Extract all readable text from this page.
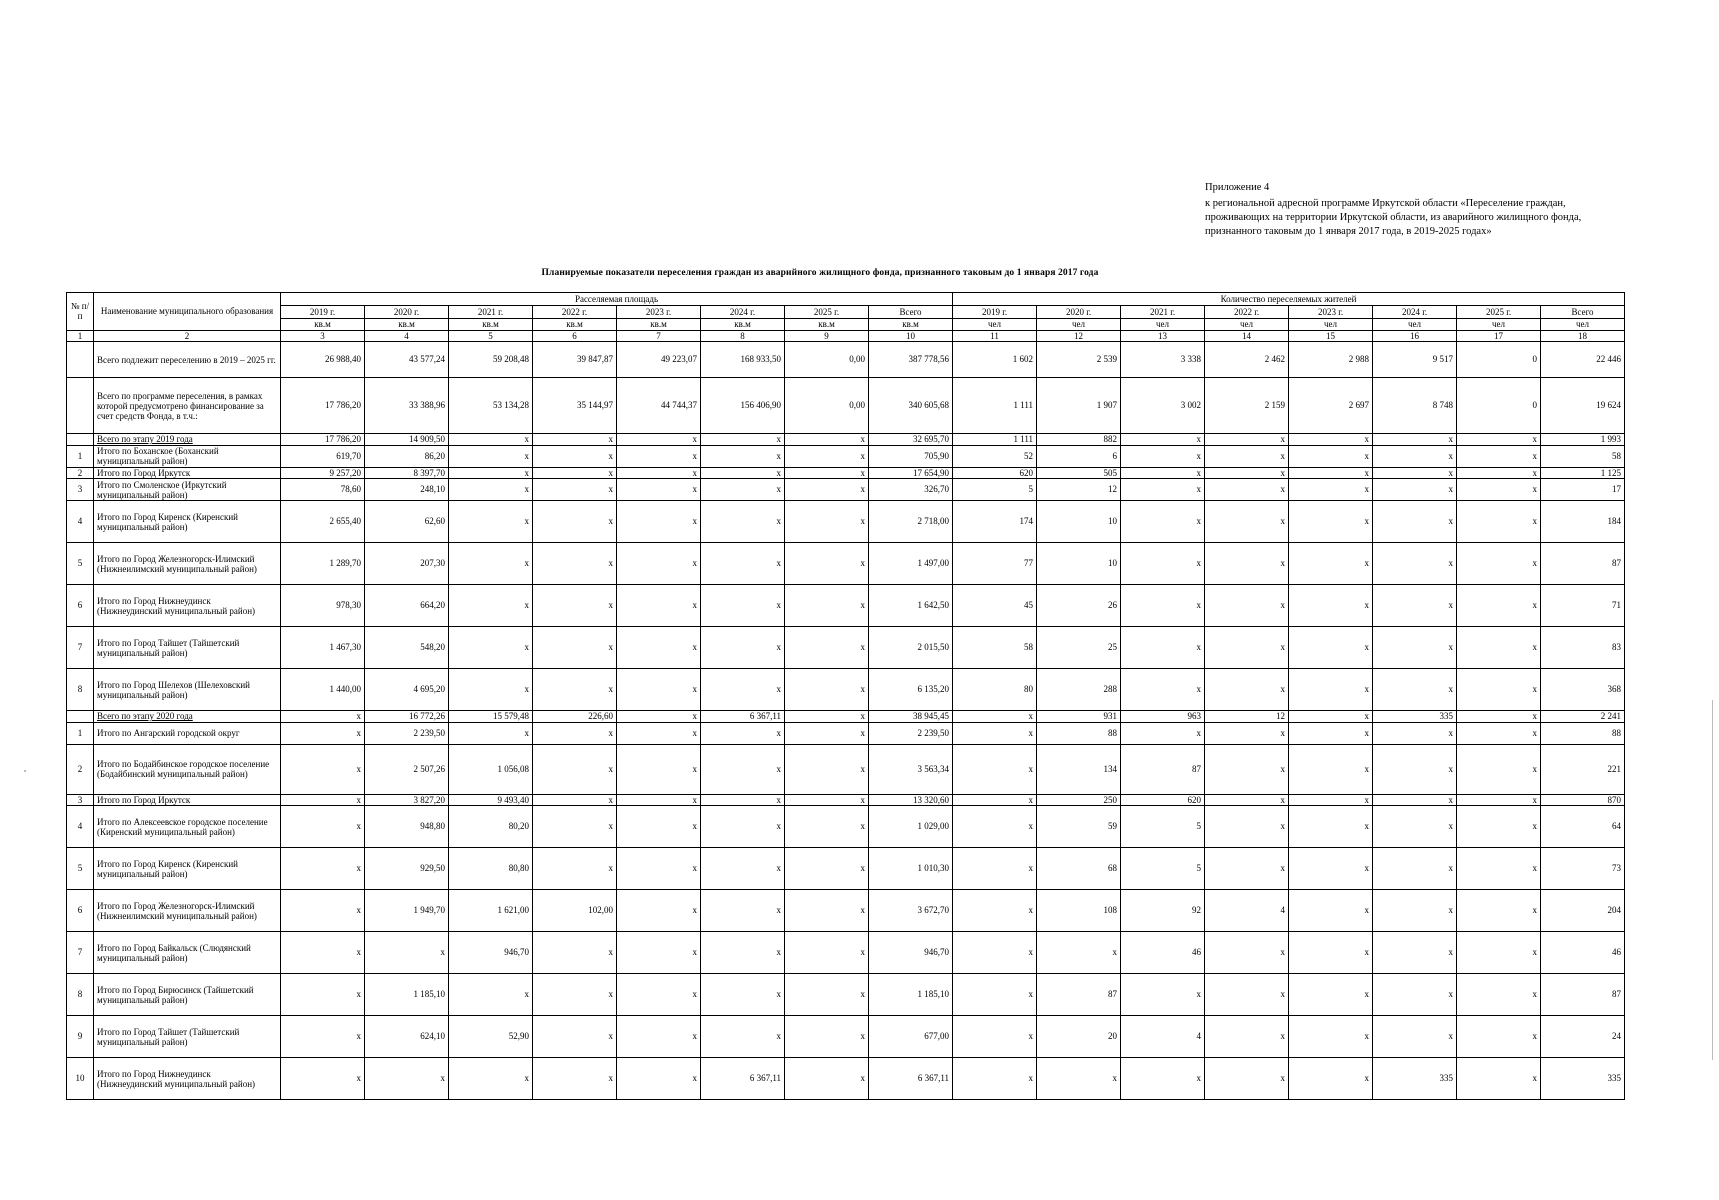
Приложение 4
к региональной адресной программе Иркутской области «Переселение граждан, проживающих на территории Иркутской области, из аварийного жилищного фонда, признанного таковым до 1 января 2017 года, в 2019-2025 годах»
Планируемые показатели переселения граждан из аварийного жилищного фонда, признанного таковым до 1 января 2017 года
№ п/п	Наименование муниципального образования	Расселяемая площадь								Количество переселяемых жителей							
		2019 г.	2020 г.	2021 г.	2022 г.	2023 г.	2024 г.	2025 г.	Всего	2019 г.	2020 г.	2021 г.	2022 г.	2023 г.	2024 г.	2025 г.	Всего
		кв.м	кв.м	кв.м	кв.м	кв.м	кв.м	кв.м	кв.м	чел	чел	чел	чел	чел	чел	чел	чел
1	2	3	4	5	6	7	8	9	10	11	12	13	14	15	16	17	18
	Всего подлежит переселению в 2019 – 2025 гг.	26 988,40	43 577,24	59 208,48	39 847,87	49 223,07	168 933,50	0,00	387 778,56	1 602	2 539	3 338	2 462	2 988	9 517	0	22 446
	Всего по программе переселения, в рамках которой предусмотрено финансирование за счет средств Фонда, в т.ч.:	17 786,20	33 388,96	53 134,28	35 144,97	44 744,37	156 406,90	0,00	340 605,68	1 111	1 907	3 002	2 159	2 697	8 748	0	19 624
	Всего по этапу 2019 года	17 786,20	14 909,50	x	x	x	x	x	32 695,70	1 111	882	x	x	x	x	x	1 993
1	Итого по Боханское (Боханский муниципальный район)	619,70	86,20	x	x	x	x	x	705,90	52	6	x	x	x	x	x	58
2	Итого по Город Иркутск	9 257,20	8 397,70	x	x	x	x	x	17 654,90	620	505	x	x	x	x	x	1 125
3	Итого по Смоленское (Иркутский муниципальный район)	78,60	248,10	x	x	x	x	x	326,70	5	12	x	x	x	x	x	17
4	Итого по Город Киренск (Киренский муниципальный район)	2 655,40	62,60	x	x	x	x	x	2 718,00	174	10	x	x	x	x	x	184
5	Итого по Город Железногорск-Илимский (Нижнеилимский муниципальный район)	1 289,70	207,30	x	x	x	x	x	1 497,00	77	10	x	x	x	x	x	87
6	Итого по Город Нижнеудинск (Нижнеудинский муниципальный район)	978,30	664,20	x	x	x	x	x	1 642,50	45	26	x	x	x	x	x	71
7	Итого по Город Тайшет (Тайшетский муниципальный район)	1 467,30	548,20	x	x	x	x	x	2 015,50	58	25	x	x	x	x	x	83
8	Итого по Город Шелехов (Шелеховский муниципальный район)	1 440,00	4 695,20	x	x	x	x	x	6 135,20	80	288	x	x	x	x	x	368
	Всего по этапу 2020 года	x	16 772,26	15 579,48	226,60	x	6 367,11	x	38 945,45	x	931	963	12	x	335	x	2 241
1	Итого по Ангарский городской округ	x	2 239,50	x	x	x	x	x	2 239,50	x	88	x	x	x	x	x	88
2	Итого по Бодайбинское городское поселение (Бодайбинский муниципальный район)	x	2 507,26	1 056,08	x	x	x	x	3 563,34	x	134	87	x	x	x	x	221
3	Итого по Город Иркутск	x	3 827,20	9 493,40	x	x	x	x	13 320,60	x	250	620	x	x	x	x	870
4	Итого по Алексеевское городское поселение (Киренский муниципальный район)	x	948,80	80,20	x	x	x	x	1 029,00	x	59	5	x	x	x	x	64
5	Итого по Город Киренск (Киренский муниципальный район)	x	929,50	80,80	x	x	x	x	1 010,30	x	68	5	x	x	x	x	73
6	Итого по Город Железногорск-Илимский (Нижнеилимский муниципальный район)	x	1 949,70	1 621,00	102,00	x	x	x	3 672,70	x	108	92	4	x	x	x	204
7	Итого по Город Байкальск (Слюдянский муниципальный район)	x	x	946,70	x	x	x	x	946,70	x	x	46	x	x	x	x	46
8	Итого по Город Бирюсинск (Тайшетский муниципальный район)	x	1 185,10	x	x	x	x	x	1 185,10	x	87	x	x	x	x	x	87
9	Итого по Город Тайшет (Тайшетский муниципальный район)	x	624,10	52,90	x	x	x	x	677,00	x	20	4	x	x	x	x	24
10	Итого по Город Нижнеудинск (Нижнеудинский муниципальный район)	x	x	x	x	x	6 367,11	x	6 367,11	x	x	x	x	x	335	x	335
